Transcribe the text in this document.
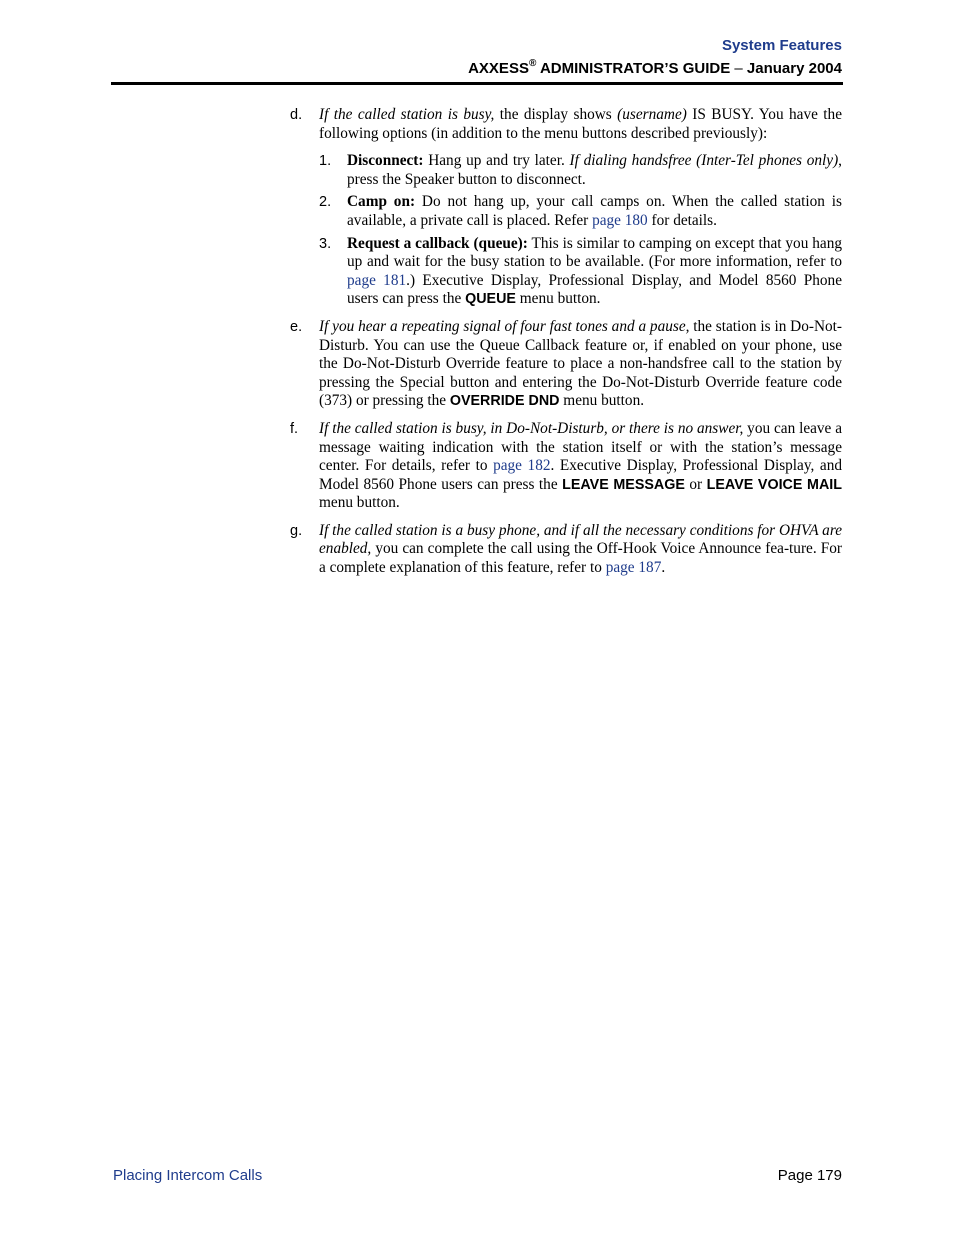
System Features
AXXESS® ADMINISTRATOR’S GUIDE – January 2004
d. If the called station is busy, the display shows (username) IS BUSY. You have the following options (in addition to the menu buttons described previously):
1. Disconnect: Hang up and try later. If dialing handsfree (Inter-Tel phones only), press the Speaker button to disconnect.
2. Camp on: Do not hang up, your call camps on. When the called station is available, a private call is placed. Refer page 180 for details.
3. Request a callback (queue): This is similar to camping on except that you hang up and wait for the busy station to be available. (For more information, refer to page 181.) Executive Display, Professional Display, and Model 8560 Phone users can press the QUEUE menu button.
e. If you hear a repeating signal of four fast tones and a pause, the station is in Do-Not-Disturb. You can use the Queue Callback feature or, if enabled on your phone, use the Do-Not-Disturb Override feature to place a non-handsfree call to the station by pressing the Special button and entering the Do-Not-Disturb Override feature code (373) or pressing the OVERRIDE DND menu button.
f. If the called station is busy, in Do-Not-Disturb, or there is no answer, you can leave a message waiting indication with the station itself or with the station’s message center. For details, refer to page 182. Executive Display, Professional Display, and Model 8560 Phone users can press the LEAVE MESSAGE or LEAVE VOICE MAIL menu button.
g. If the called station is a busy phone, and if all the necessary conditions for OHVA are enabled, you can complete the call using the Off-Hook Voice Announce fea-ture. For a complete explanation of this feature, refer to page 187.
Placing Intercom Calls	Page 179
